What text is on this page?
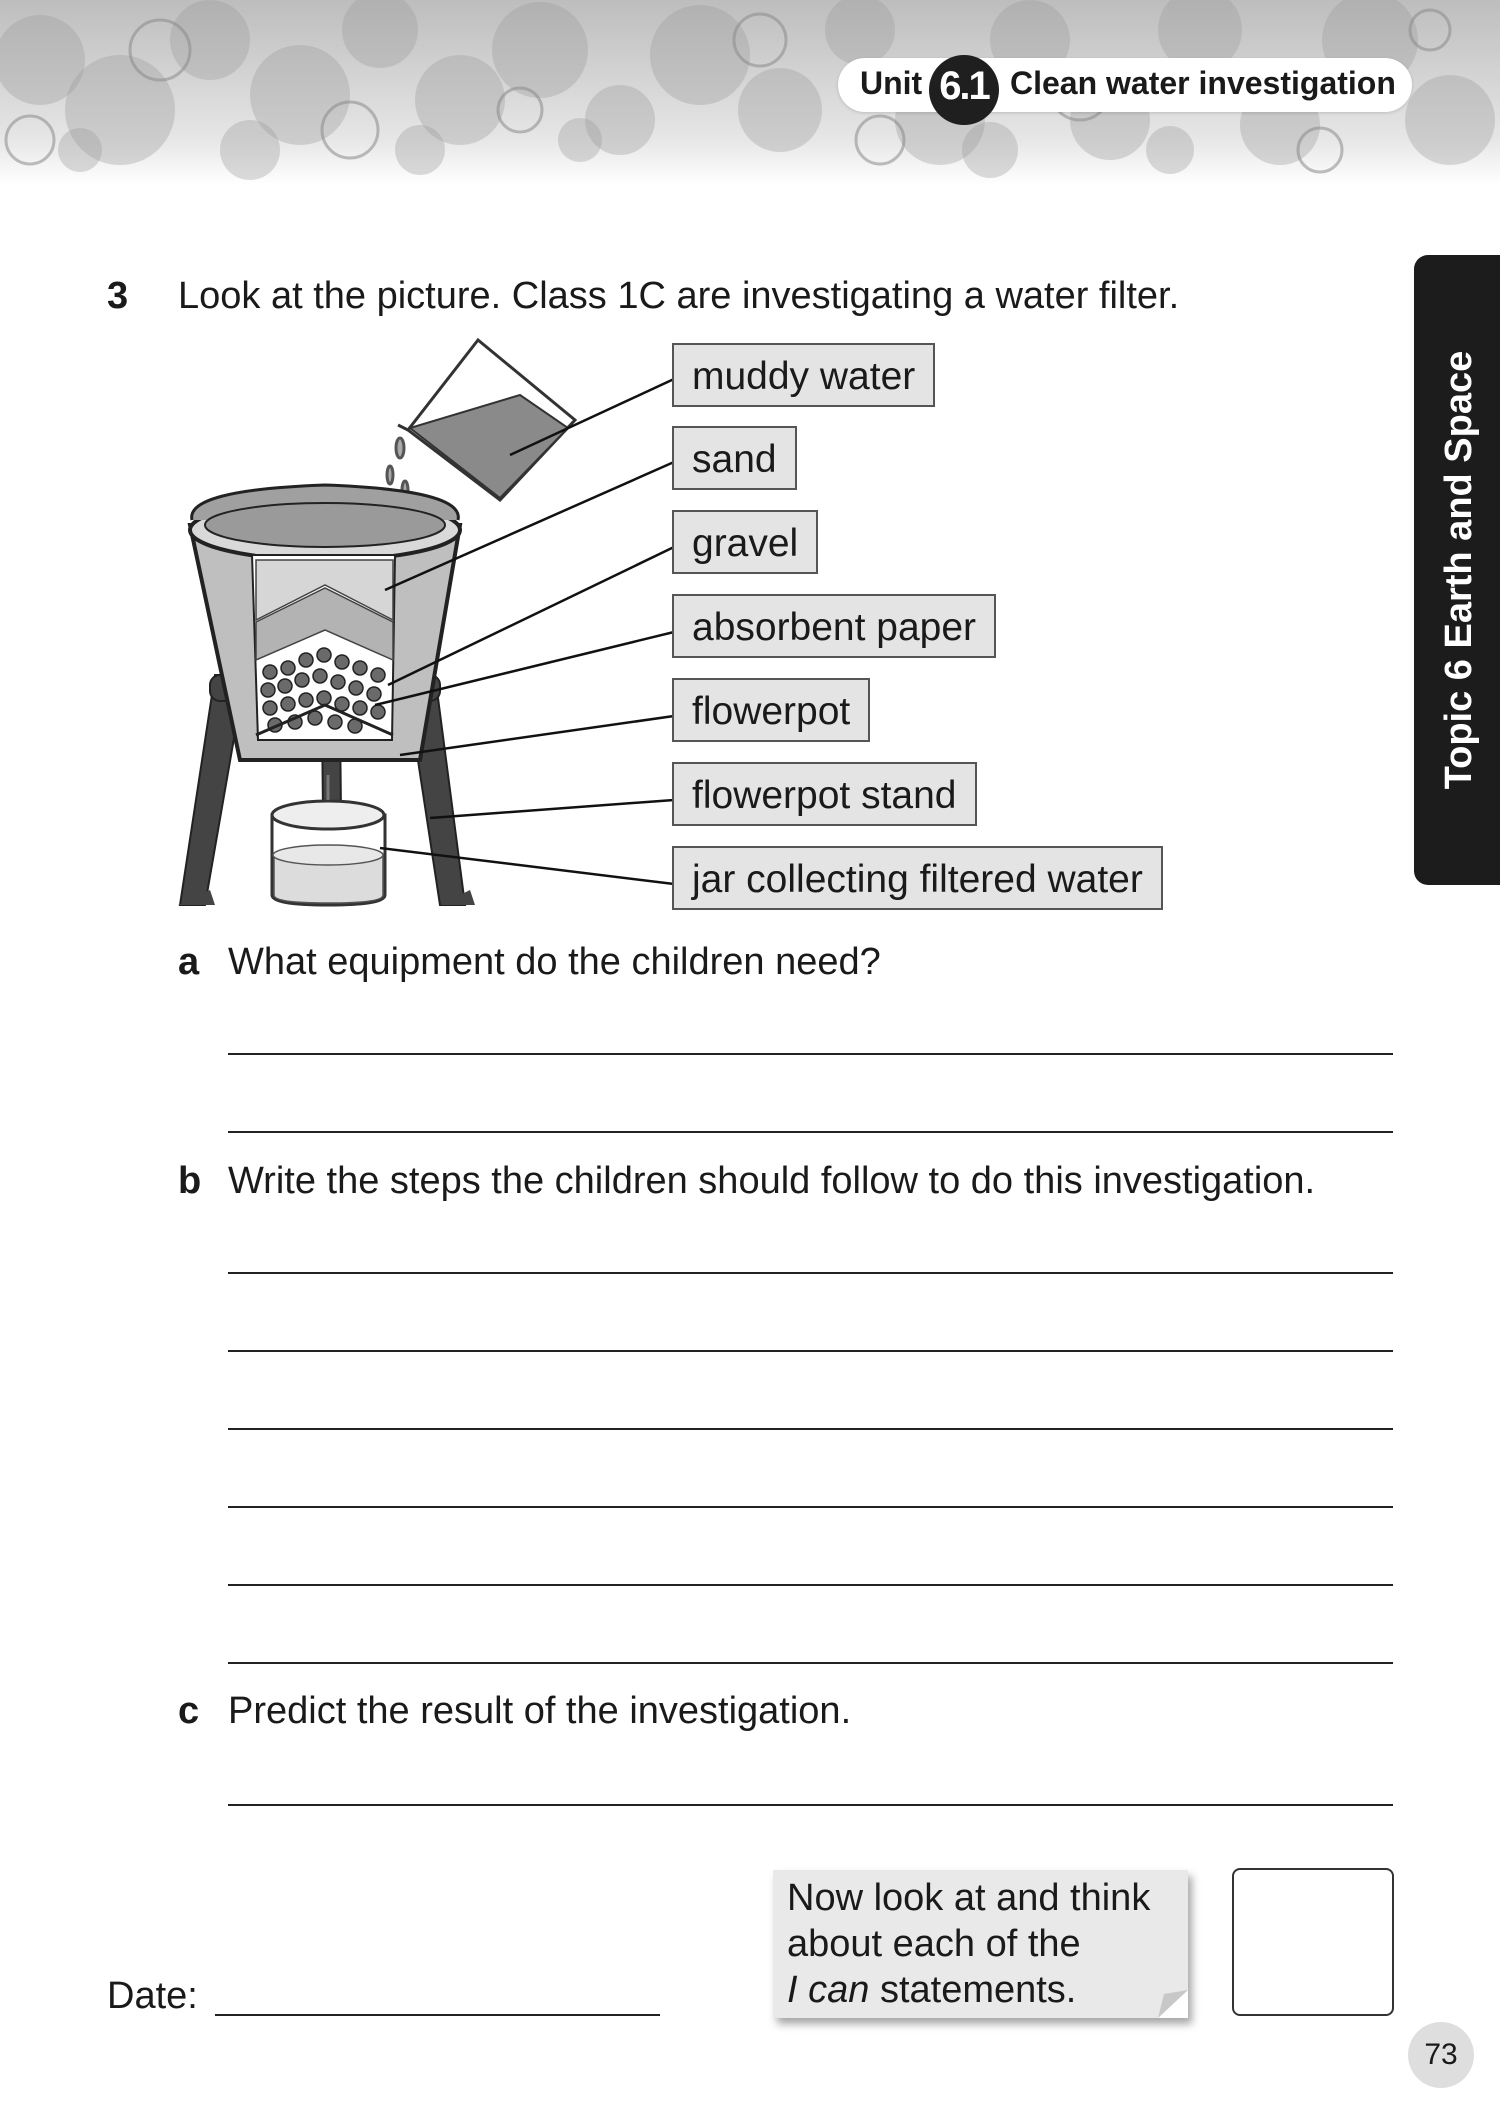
Unit 6.1 Clean water investigation
Topic 6 Earth and Space
3 Look at the picture. Class 1C are investigating a water filter.
muddy water
sand
gravel
absorbent paper
flowerpot
flowerpot stand
jar collecting filtered water
a What equipment do the children need?
b Write the steps the children should follow to do this investigation.
c Predict the result of the investigation.
Date:
Now look at and think
about each of the
I can statements.
73
